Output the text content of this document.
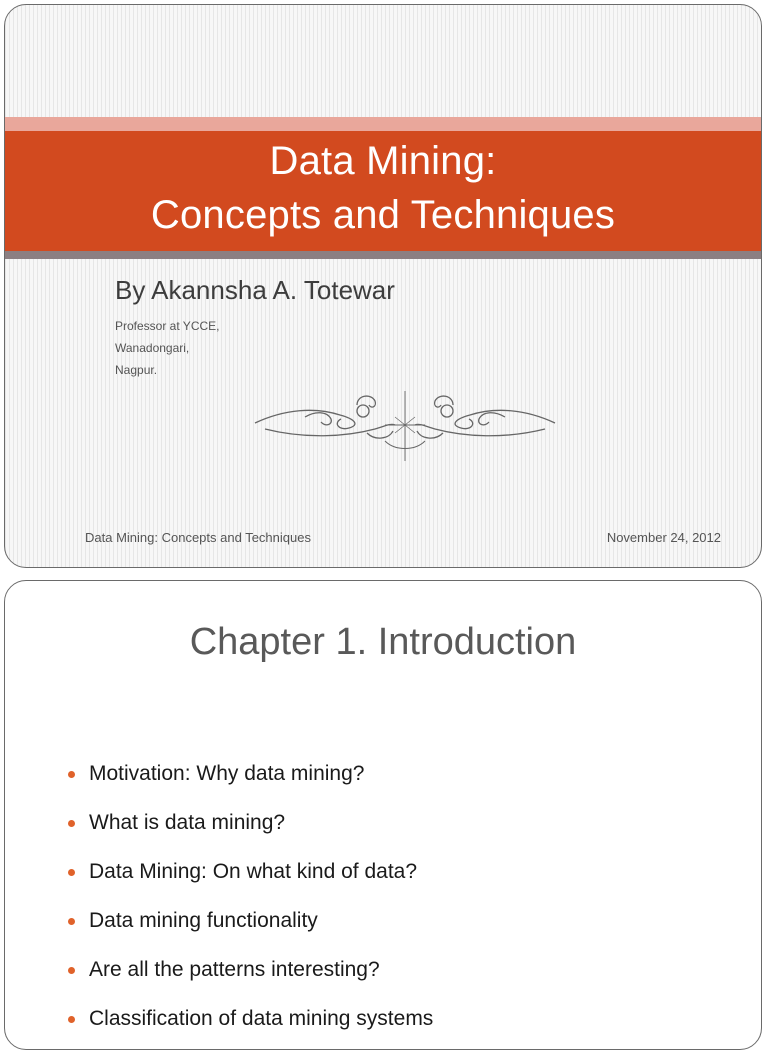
Data Mining:
Concepts and Techniques
By Akannsha A. Totewar
Professor at YCCE,
Wanadongari,
Nagpur.
Data Mining: Concepts and Techniques	November 24, 2012
Chapter 1. Introduction
Motivation: Why data mining?
What is data mining?
Data Mining: On what kind of data?
Data mining functionality
Are all the patterns interesting?
Classification of data mining systems
